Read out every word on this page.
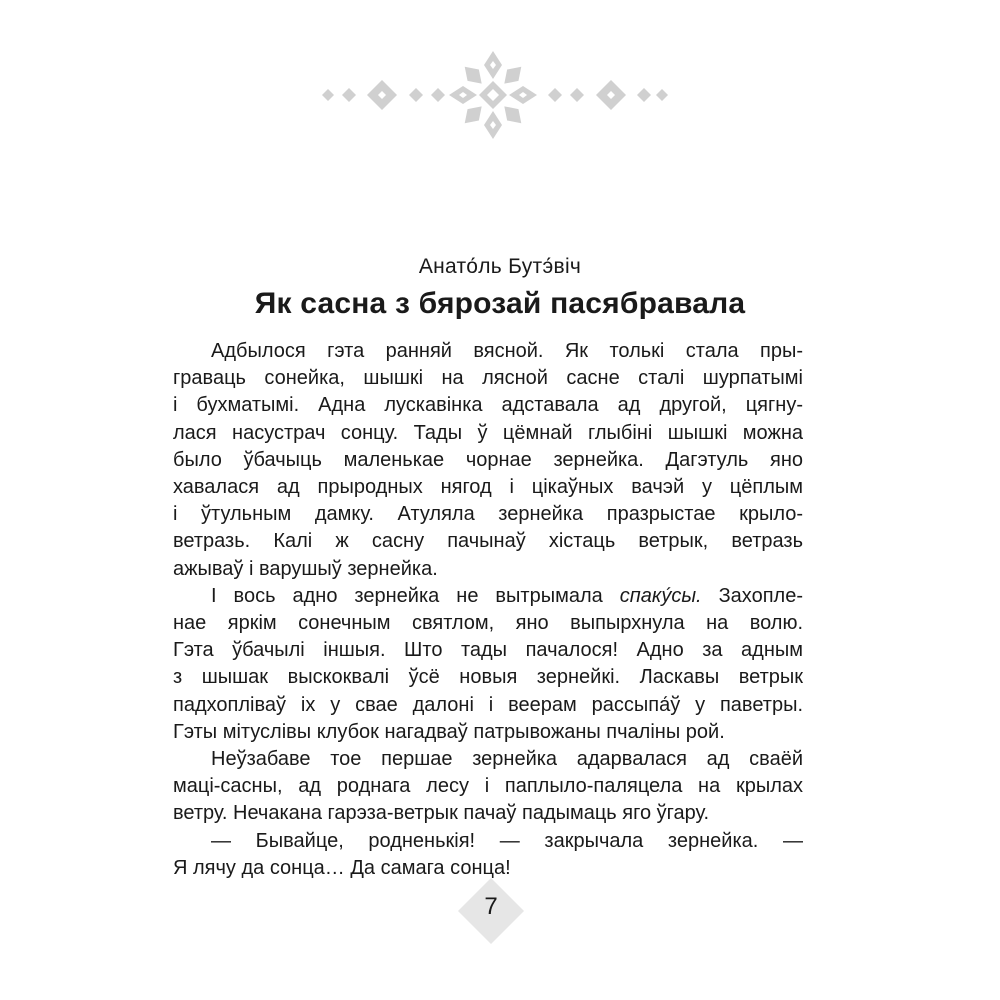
Анато́ль Бутэ́віч
Як сасна з бярозай пасябравала
Адбылося гэта ранняй вясной. Як толькі стала пры-
граваць сонейка, шышкі на лясной сасне сталі шурпатымі
і бухматымі. Адна лускавінка адставала ад другой, цягну-
лася насустрач сонцу. Тады ў цёмнай глыбіні шышкі можна
было ўбачыць маленькае чорнае зернейка. Дагэтуль яно
хавалася ад прыродных нягод і цікаўных вачэй у цёплым
і ўтульным дамку. Атуляла зернейка празрыстае крыло-
ветразь. Калі ж сасну пачынаў хістаць ветрык, ветразь
ажываў і варушыў зернейка.
І вось адно зернейка не вытрымала спаку́сы. Захопле-
нае яркім сонечным святлом, яно выпырхнула на волю.
Гэта ўбачылі іншыя. Што тады пачалося! Адно за адным
з шышак выскоквалі ўсё новыя зернейкі. Ласкавы ветрык
падхопліваў іх у свае далоні і веерам рассыпа́ў у паветры.
Гэты мітуслівы клубок нагадваў патрывожаны пчаліны рой.
Неўзабаве тое першае зернейка адарвалася ад сваёй
маці-сасны, ад роднага лесу і паплыло-паляцела на крылах
ветру. Нечакана гарэза-ветрык пачаў падымаць яго ўгару.
— Бывайце, родненькія! — закрычала зернейка. —
Я лячу да сонца… Да самага сонца!
7
